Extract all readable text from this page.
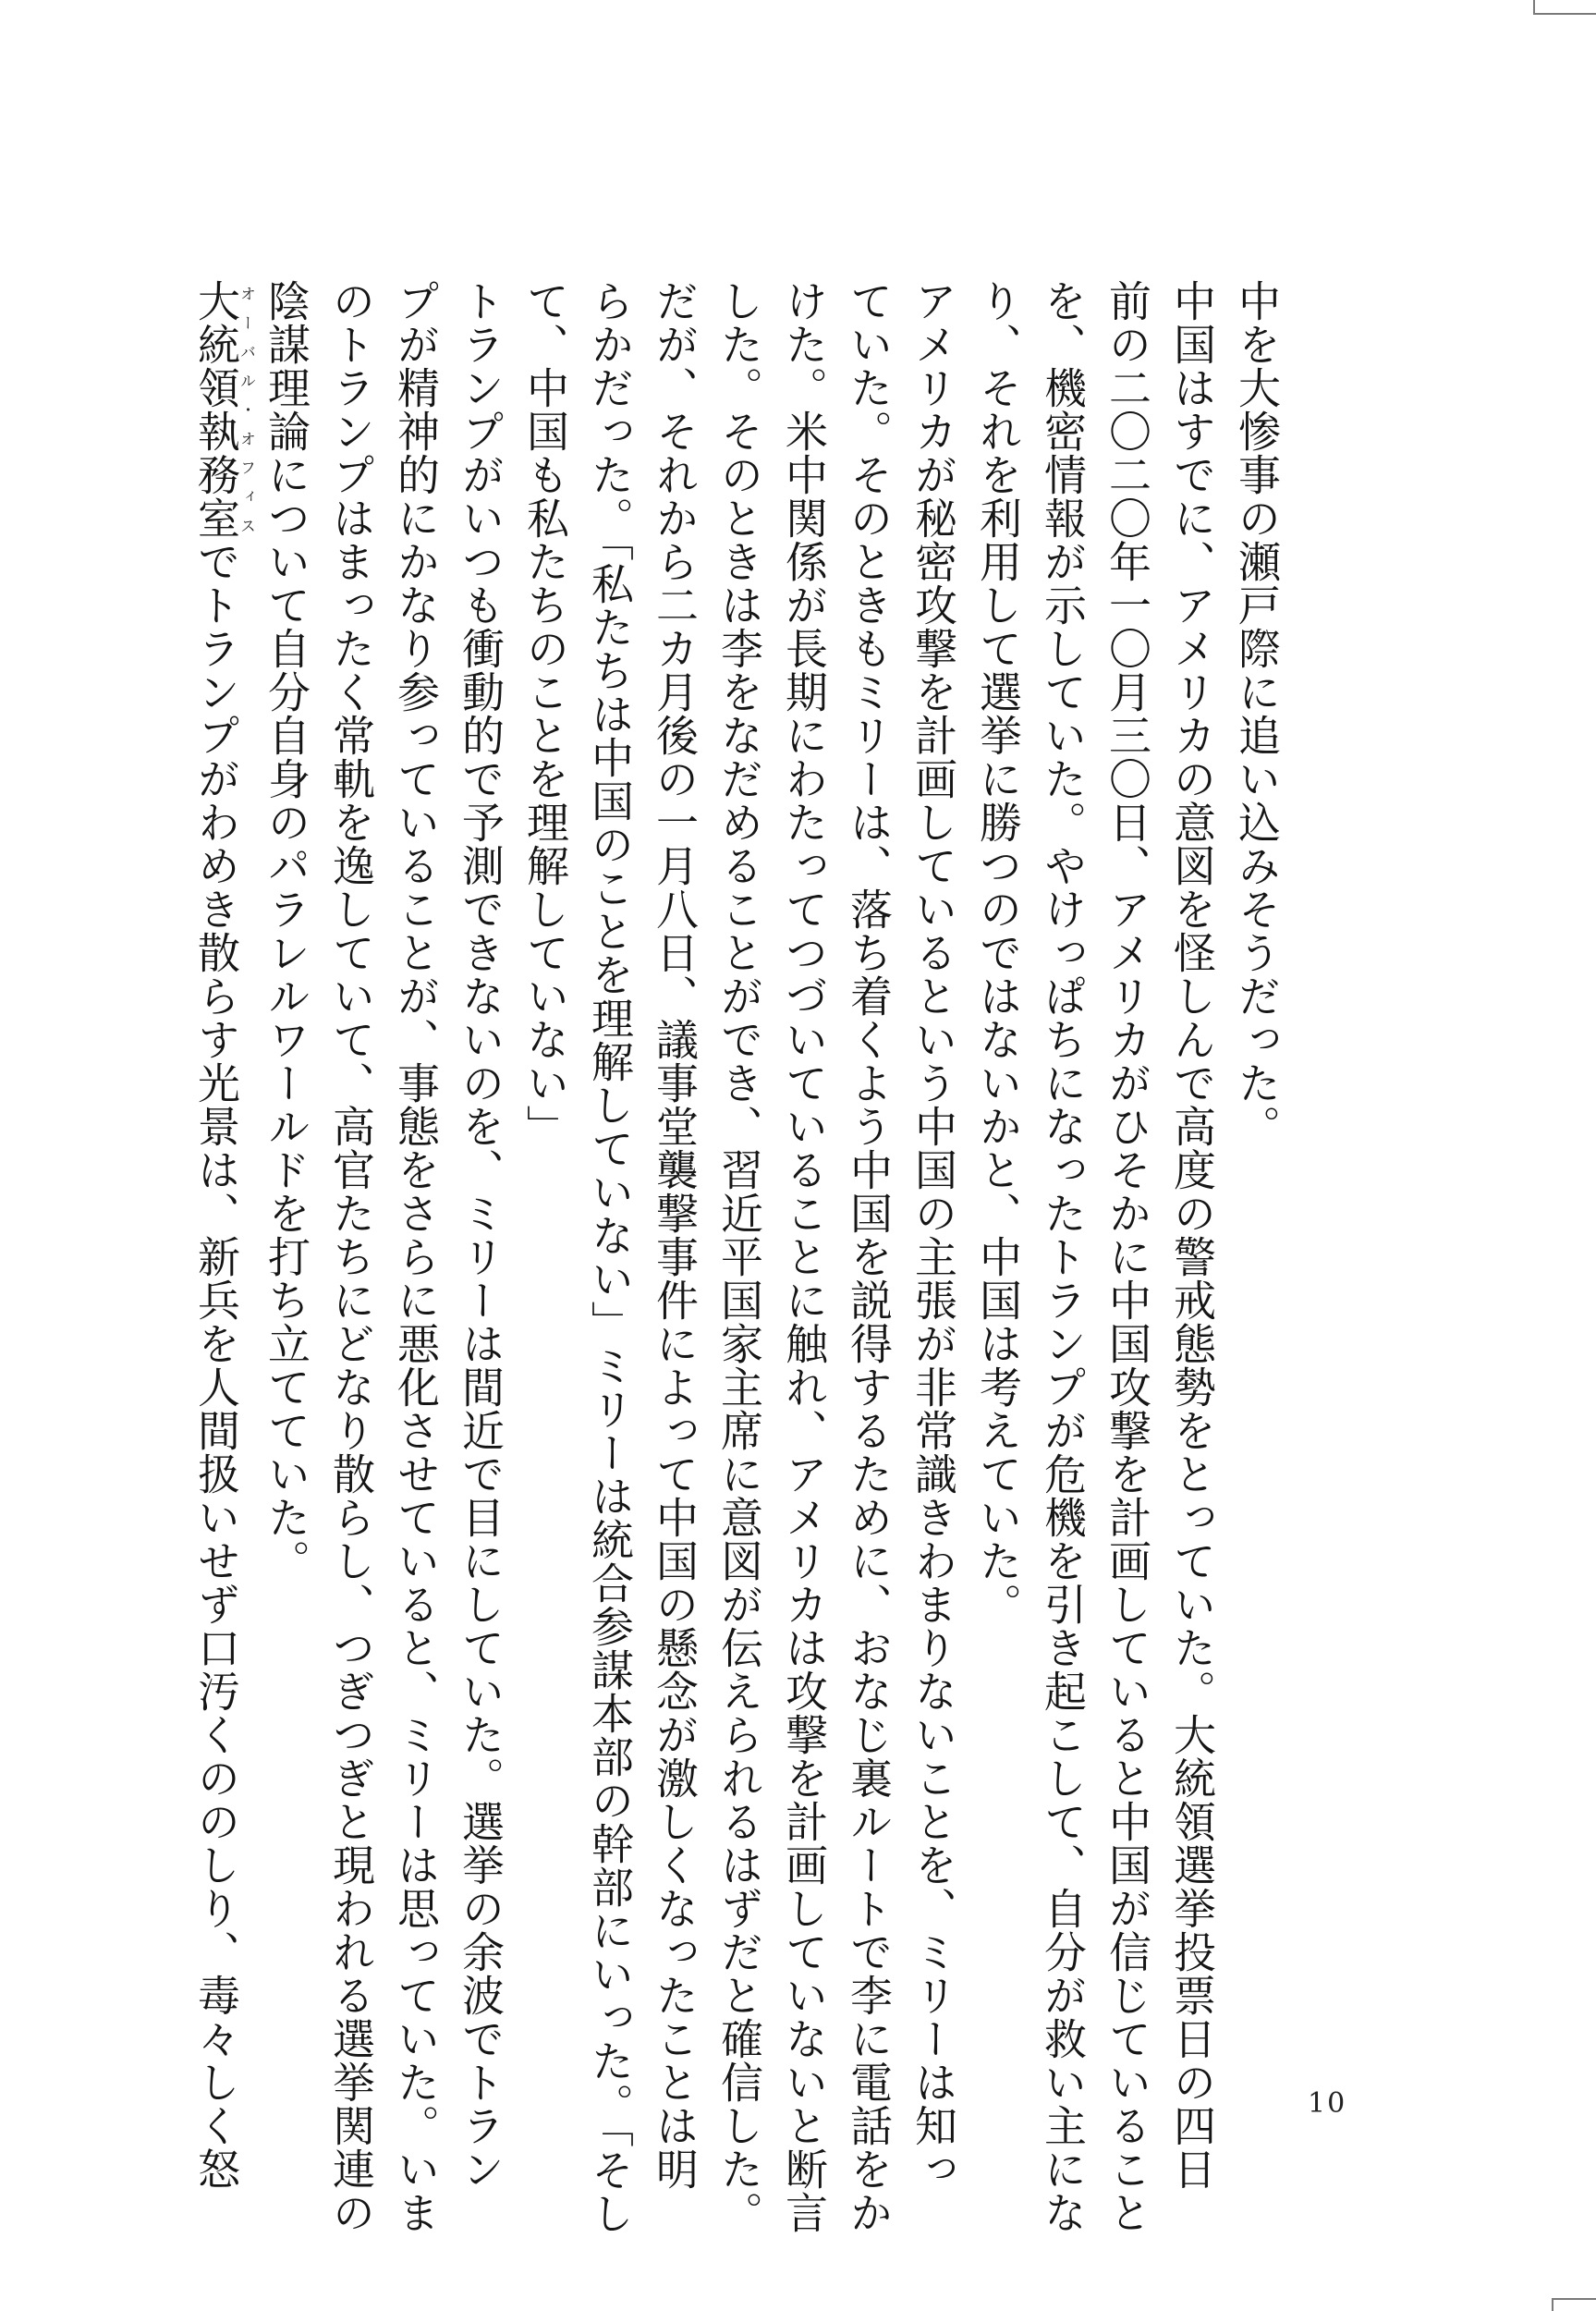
中を大惨事の瀬戸際に追い込みそうだった。
中国はすでに、アメリカの意図を怪しんで高度の警戒態勢をとっていた。大統領選挙投票日の四日
前の二〇二〇年一〇月三〇日、アメリカがひそかに中国攻撃を計画していると中国が信じていること
を、機密情報が示していた。やけっぱちになったトランプが危機を引き起こして、自分が救い主にな
り、それを利用して選挙に勝つのではないかと、中国は考えていた。
アメリカが秘密攻撃を計画しているという中国の主張が非常識きわまりないことを、ミリーは知っ
ていた。そのときもミリーは、落ち着くよう中国を説得するために、おなじ裏ルートで李に電話をか
けた。米中関係が長期にわたってつづいていることに触れ、アメリカは攻撃を計画していないと断言
した。そのときは李をなだめることができ、習近平国家主席に意図が伝えられるはずだと確信した。
だが、それから二カ月後の一月八日、議事堂襲撃事件によって中国の懸念が激しくなったことは明
らかだった。「私たちは中国のことを理解していない」ミリーは統合参謀本部の幹部にいった。「そし
て、中国も私たちのことを理解していない」
トランプがいつも衝動的で予測できないのを、ミリーは間近で目にしていた。選挙の余波でトラン
プが精神的にかなり参っていることが、事態をさらに悪化させていると、ミリーは思っていた。いま
のトランプはまったく常軌を逸していて、高官たちにどなり散らし、つぎつぎと現われる選挙関連の
陰謀理論について自分自身のパラレルワールドを打ち立てていた。
大統領執務室オーバル・オフィスでトランプがわめき散らす光景は、新兵を人間扱いせず口汚くののしり、毒々しく怒	10
